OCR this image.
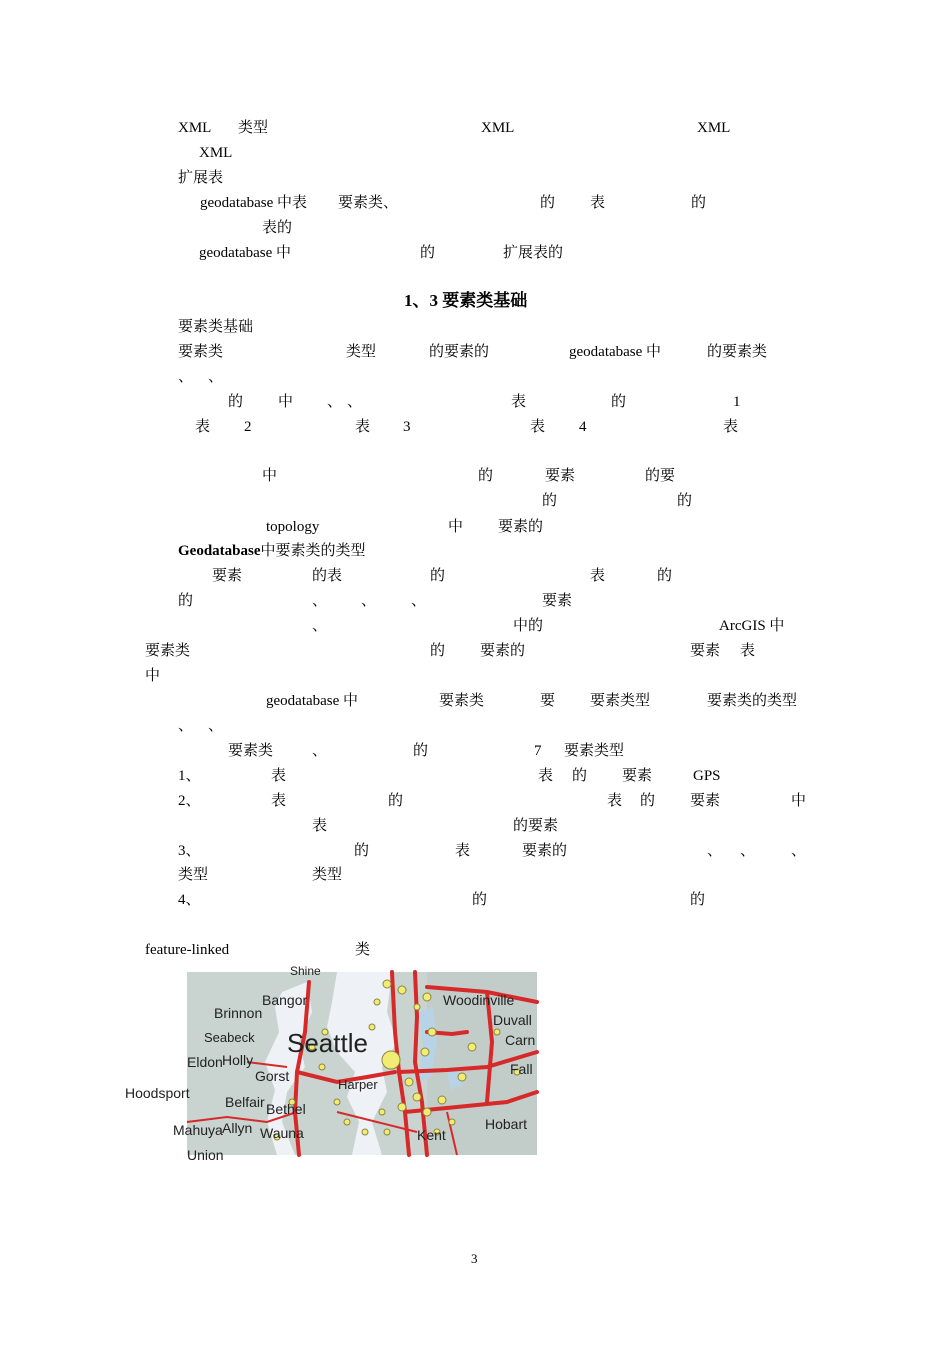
XML 类型	XML	XML
XML
扩展表
geodatabase 中表 要素类、	的 表	的
表的
geodatabase 中	的	扩展表的
1、3 要素类基础
要素类基础
要素类	类型	的要素的	geodatabase 中	的要素类
、 、
的 中 、 、	表	的	1
表 2	表 3	表 4	表
中	的	要素	的要
的	的
topology	中 要素的
Geodatabase中要素类的类型
要素	的表	的	表	的
的	、 、 、	要素
、	中的	ArcGIS 中
要素类	的 要素的	要素 表
中
geodatabase 中	要素类	要 要素类型	要素类的类型
、 、
要素类	、	的	7 要素类型
1、	表	表 的 要素	GPS
2、	表	的	表 的 要素	中
表	的要素
3、	的	表	要素的	、 、 、
类型	类型
4、	的	的
feature-linked	类
Bangor
Brinnon
Seabeck
Eldon Holly
Seattle
Woodinville
Duvall
Carn
Gorst
Harper
Fall
Belfair Bethel
Allyn Wauna
Hobart
Kent
Union
Shine
Hoodsport
Mahuya
3
